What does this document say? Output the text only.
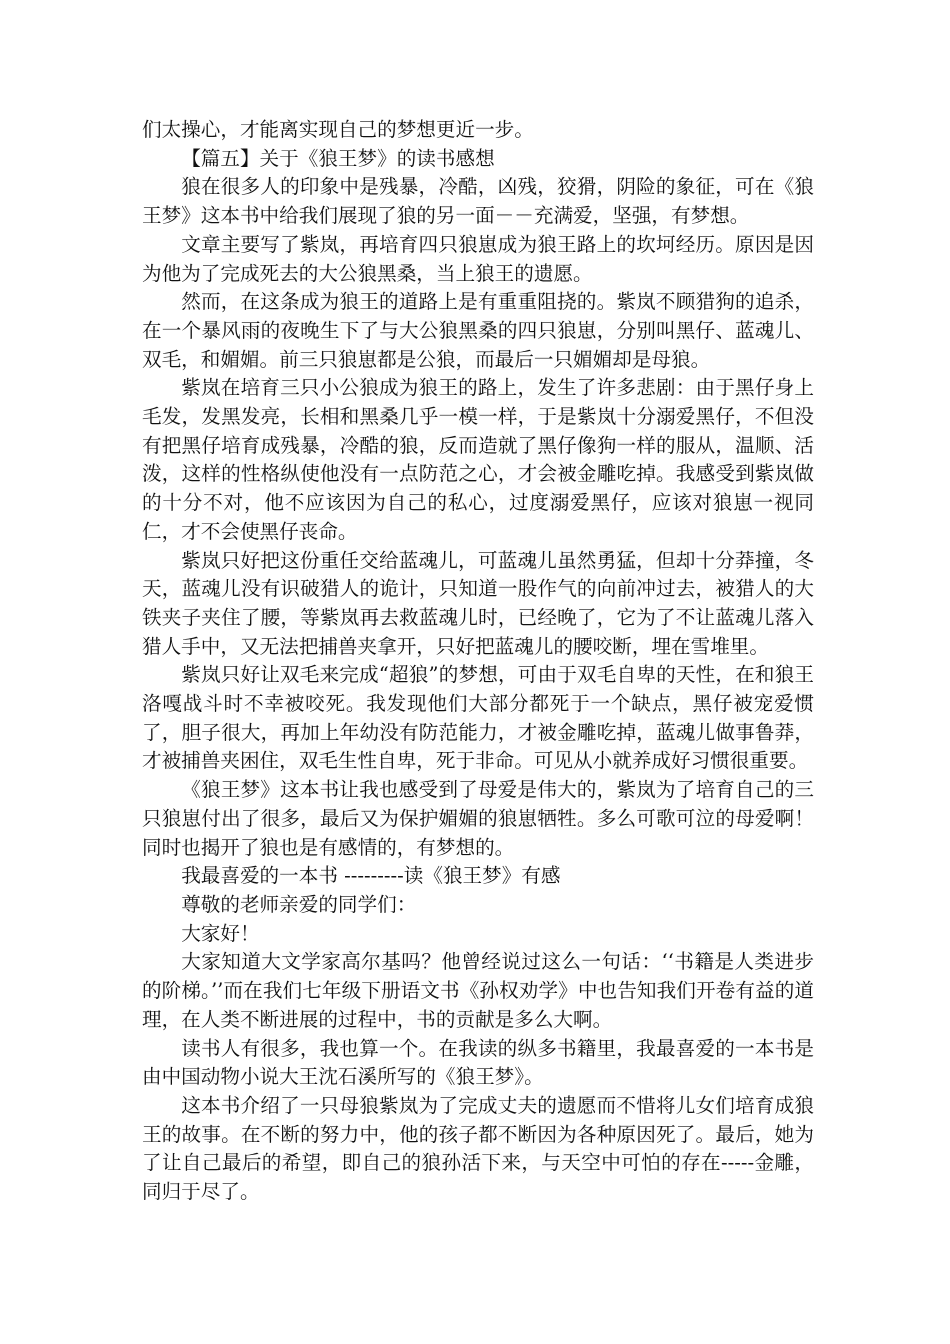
们太操心，才能离实现自己的梦想更近一步。

【篇五】关于《狼王梦》的读书感想

狼在很多人的印象中是残暴，冷酷，凶残，狡猾，阴险的象征，可在《狼王梦》这本书中给我们展现了狼的另一面－－充满爱，坚强，有梦想。

文章主要写了紫岚，再培育四只狼崽成为狼王路上的坎坷经历。原因是因为他为了完成死去的大公狼黑桑，当上狼王的遗愿。

然而，在这条成为狼王的道路上是有重重阻挠的。紫岚不顾猎狗的追杀，在一个暴风雨的夜晚生下了与大公狼黑桑的四只狼崽，分别叫黑仔、蓝魂儿、双毛，和媚媚。前三只狼崽都是公狼，而最后一只媚媚却是母狼。

紫岚在培育三只小公狼成为狼王的路上，发生了许多悲剧：由于黑仔身上毛发，发黑发亮，长相和黑桑几乎一模一样，于是紫岚十分溺爱黑仔，不但没有把黑仔培育成残暴，冷酷的狼，反而造就了黑仔像狗一样的服从，温顺、活泼，这样的性格纵使他没有一点防范之心，才会被金雕吃掉。我感受到紫岚做的十分不对，他不应该因为自己的私心，过度溺爱黑仔，应该对狼崽一视同仁，才不会使黑仔丧命。

紫岚只好把这份重任交给蓝魂儿，可蓝魂儿虽然勇猛，但却十分莽撞，冬天，蓝魂儿没有识破猎人的诡计，只知道一股作气的向前冲过去，被猎人的大铁夹子夹住了腰，等紫岚再去救蓝魂儿时，已经晚了，它为了不让蓝魂儿落入猎人手中，又无法把捕兽夹拿开，只好把蓝魂儿的腰咬断，埋在雪堆里。

紫岚只好让双毛来完成“超狼”的梦想，可由于双毛自卑的天性，在和狼王洛嘎战斗时不幸被咬死。我发现他们大部分都死于一个缺点，黑仔被宠爱惯了，胆子很大，再加上年幼没有防范能力，才被金雕吃掉，蓝魂儿做事鲁莽，才被捕兽夹困住，双毛生性自卑，死于非命。可见从小就养成好习惯很重要。

《狼王梦》这本书让我也感受到了母爱是伟大的，紫岚为了培育自己的三只狼崽付出了很多，最后又为保护媚媚的狼崽牺牲。多么可歌可泣的母爱啊！同时也揭开了狼也是有感情的，有梦想的。

我最喜爱的一本书 ---------读《狼王梦》有感

尊敬的老师亲爱的同学们：

大家好！

大家知道大文学家高尔基吗？他曾经说过这么一句话：‘‘书籍是人类进步的阶梯。’’而在我们七年级下册语文书《孙权劝学》中也告知我们开卷有益的道理，在人类不断进展的过程中，书的贡献是多么大啊。

读书人有很多，我也算一个。在我读的纵多书籍里，我最喜爱的一本书是由中国动物小说大王沈石溪所写的《狼王梦》。

这本书介绍了一只母狼紫岚为了完成丈夫的遗愿而不惜将儿女们培育成狼王的故事。在不断的努力中，他的孩子都不断因为各种原因死了。最后，她为了让自己最后的希望，即自己的狼孙活下来，与天空中可怕的存在-----金雕，同归于尽了。
